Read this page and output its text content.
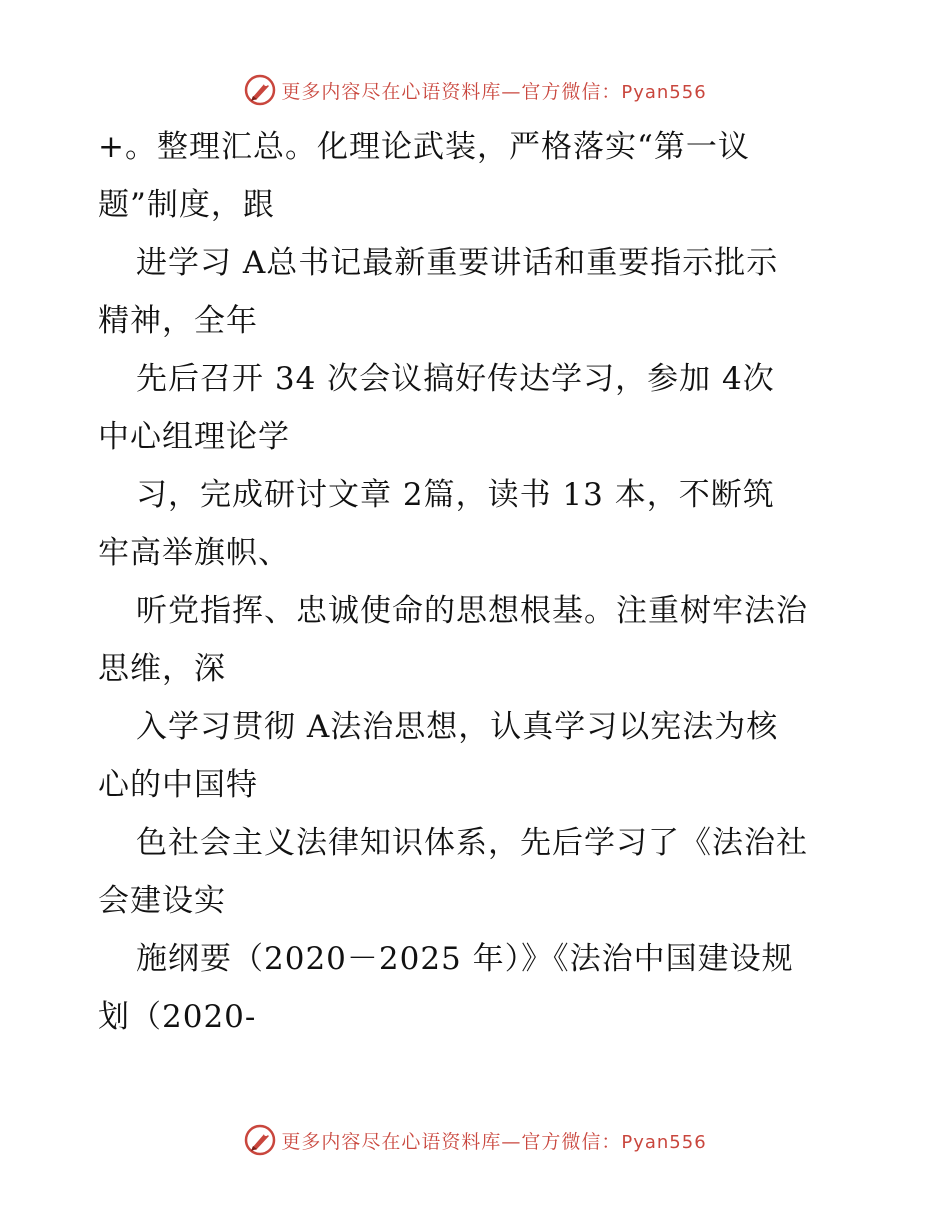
更多内容尽在心语资料库—官方微信：Pyan556
+。整理汇总。化理论武装，严格落实“第一议
题”制度，跟
进学习 A总书记最新重要讲话和重要指示批示
精神，全年
先后召开 34 次会议搞好传达学习，参加 4次
中心组理论学
习，完成研讨文章 2篇，读书 13 本，不断筑
牢高举旗帜、
听党指挥、忠诚使命的思想根基。注重树牢法治
思维，深
入学习贯彻 A法治思想，认真学习以宪法为核
心的中国特
色社会主义法律知识体系，先后学习了《法治社
会建设实
施纲要（2020－2025 年）》《法治中国建设规
划（2020-
更多内容尽在心语资料库—官方微信：Pyan556
